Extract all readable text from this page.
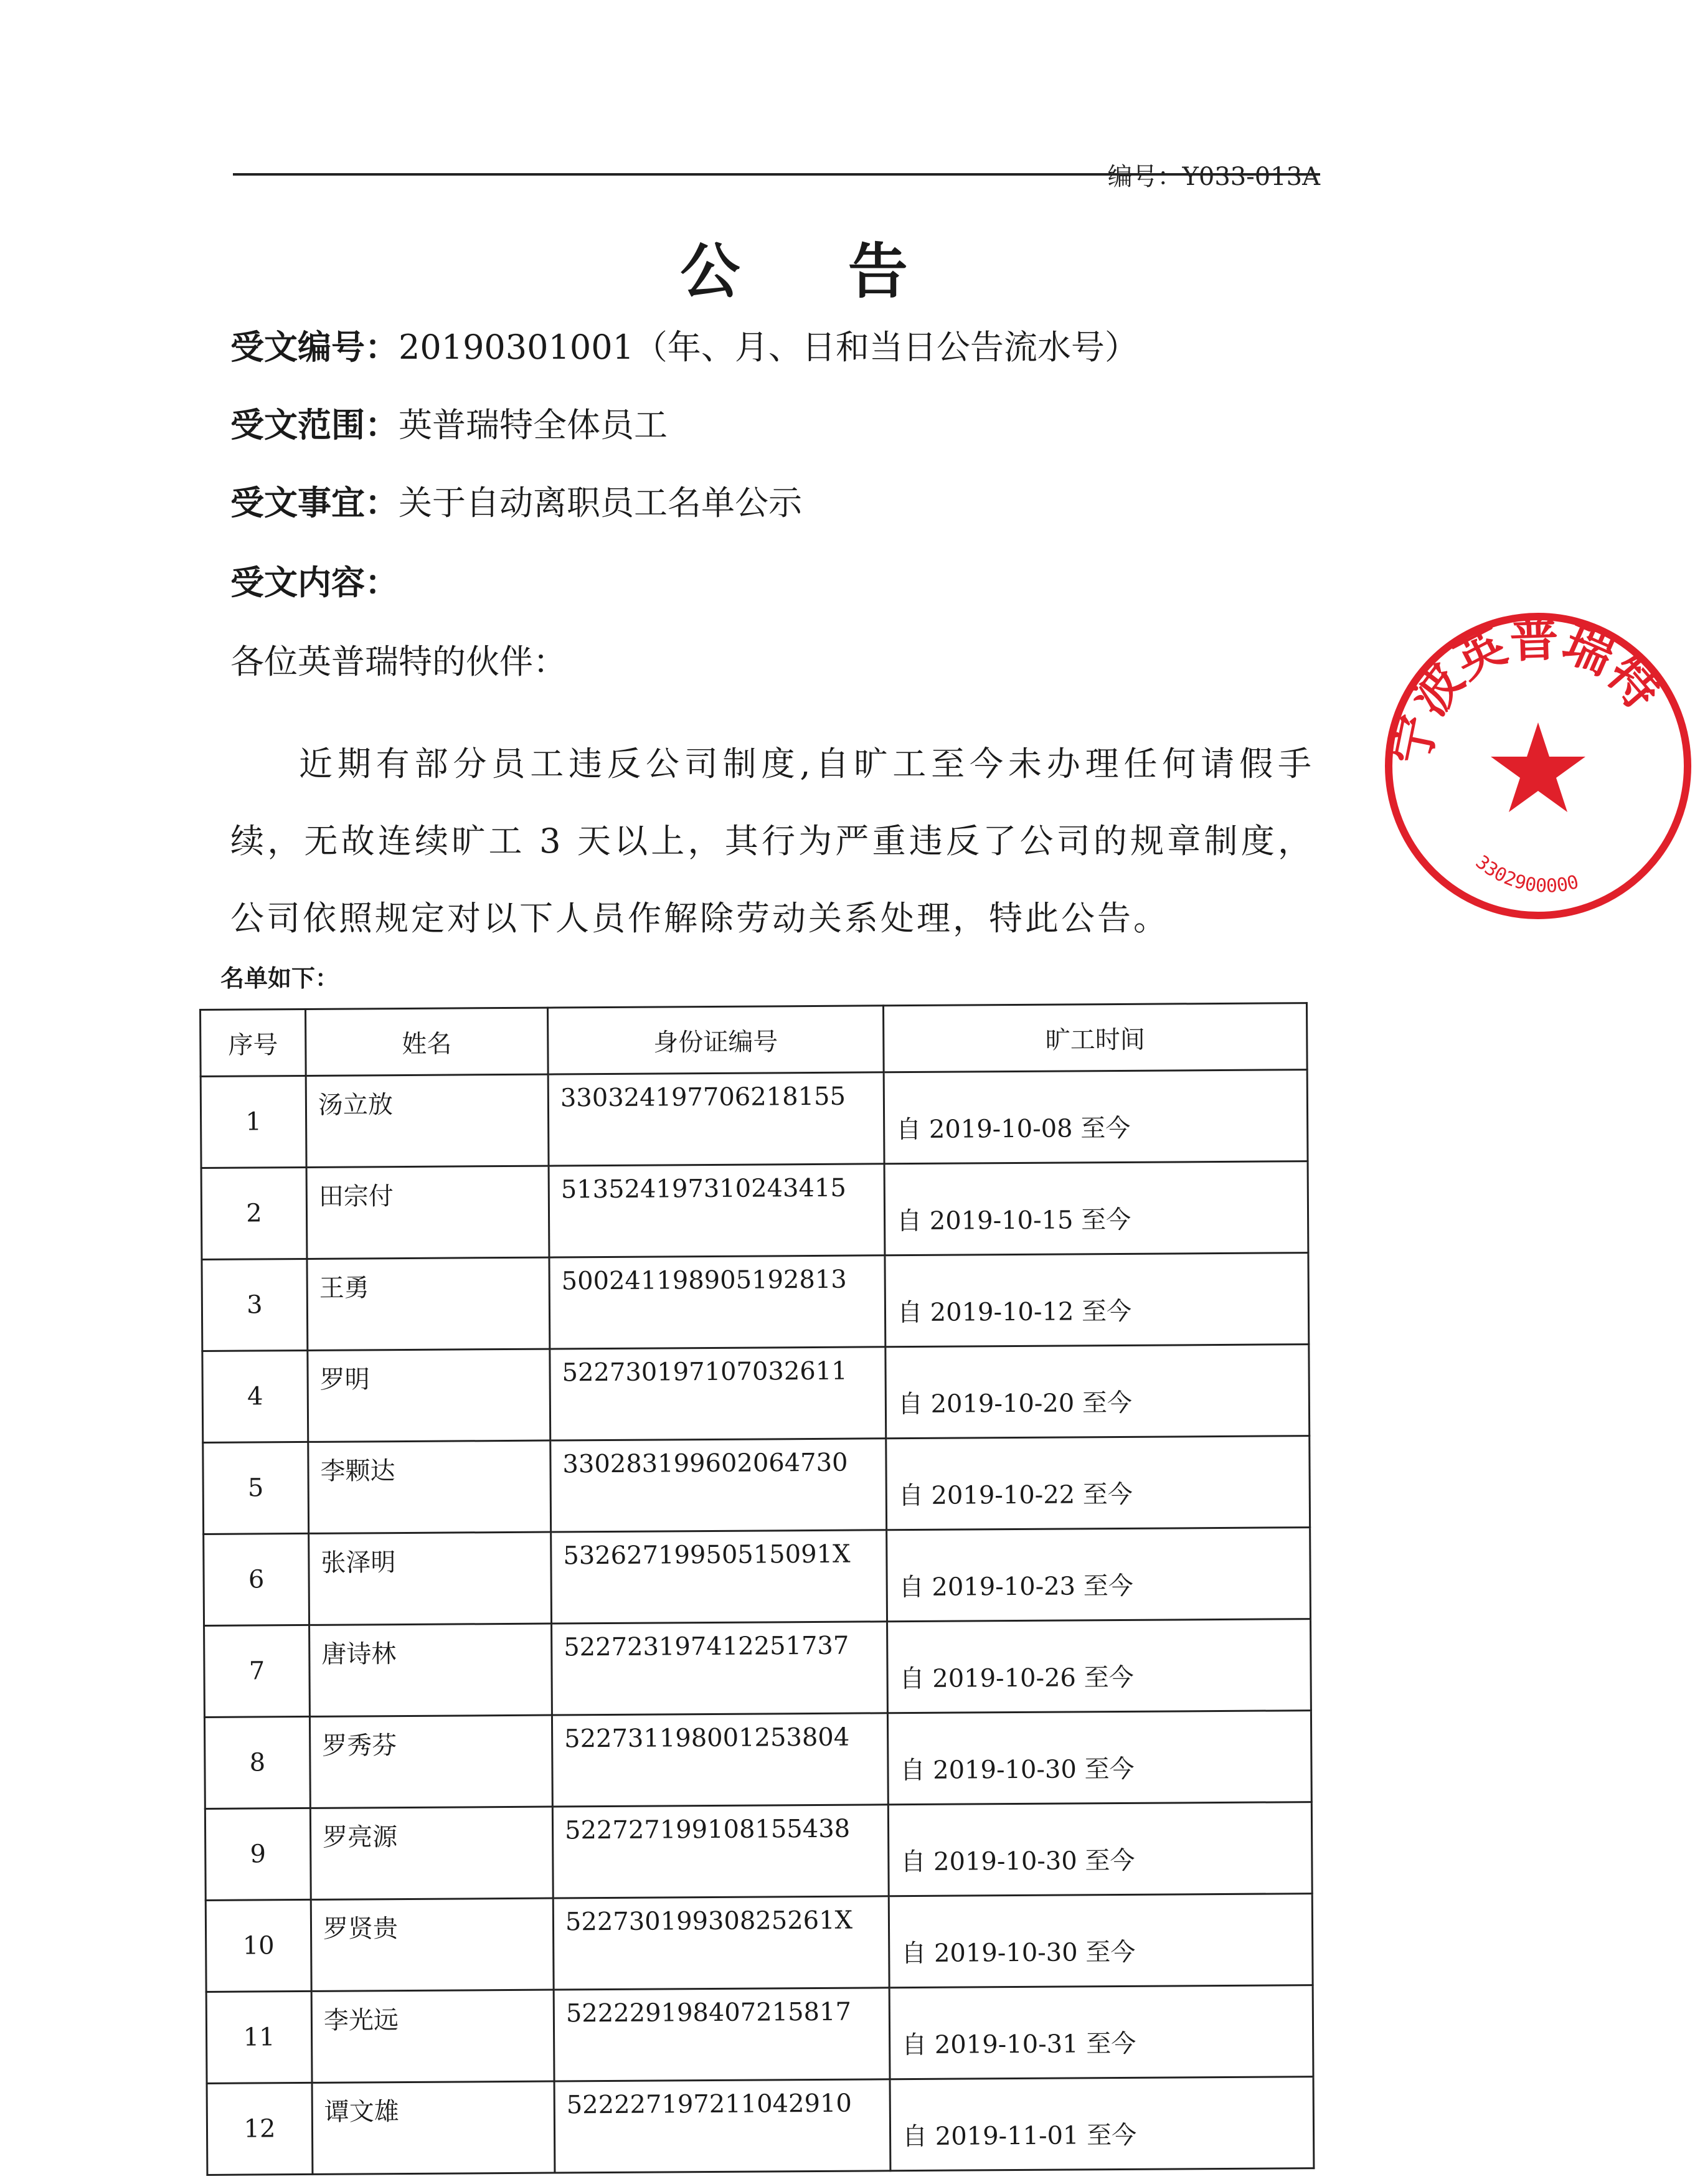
编号：Y033-013A
公 告
受文编号：20190301001（年、月、日和当日公告流水号）
受文范围：英普瑞特全体员工
受文事宜：关于自动离职员工名单公示
受文内容：
各位英普瑞特的伙伴：
近期有部分员工违反公司制度,自旷工至今未办理任何请假手续，无故连续旷工 3 天以上，其行为严重违反了公司的规章制度，公司依照规定对以下人员作解除劳动关系处理，特此公告。
名单如下：
序号	姓名	身份证编号	旷工时间
1	汤立放	330324197706218155	自 2019-10-08 至今
2	田宗付	513524197310243415	自 2019-10-15 至今
3	王勇	500241198905192813	自 2019-10-12 至今
4	罗明	522730197107032611	自 2019-10-20 至今
5	李颗达	330283199602064730	自 2019-10-22 至今
6	张泽明	53262719950515091X	自 2019-10-23 至今
7	唐诗林	522723197412251737	自 2019-10-26 至今
8	罗秀芬	522731198001253804	自 2019-10-30 至今
9	罗亮源	522727199108155438	自 2019-10-30 至今
10	罗贤贵	52273019930825261X	自 2019-10-30 至今
11	李光远	522229198407215817	自 2019-10-31 至今
12	谭文雄	522227197211042910	自 2019-11-01 至今
宁波英普瑞特
3302900000
